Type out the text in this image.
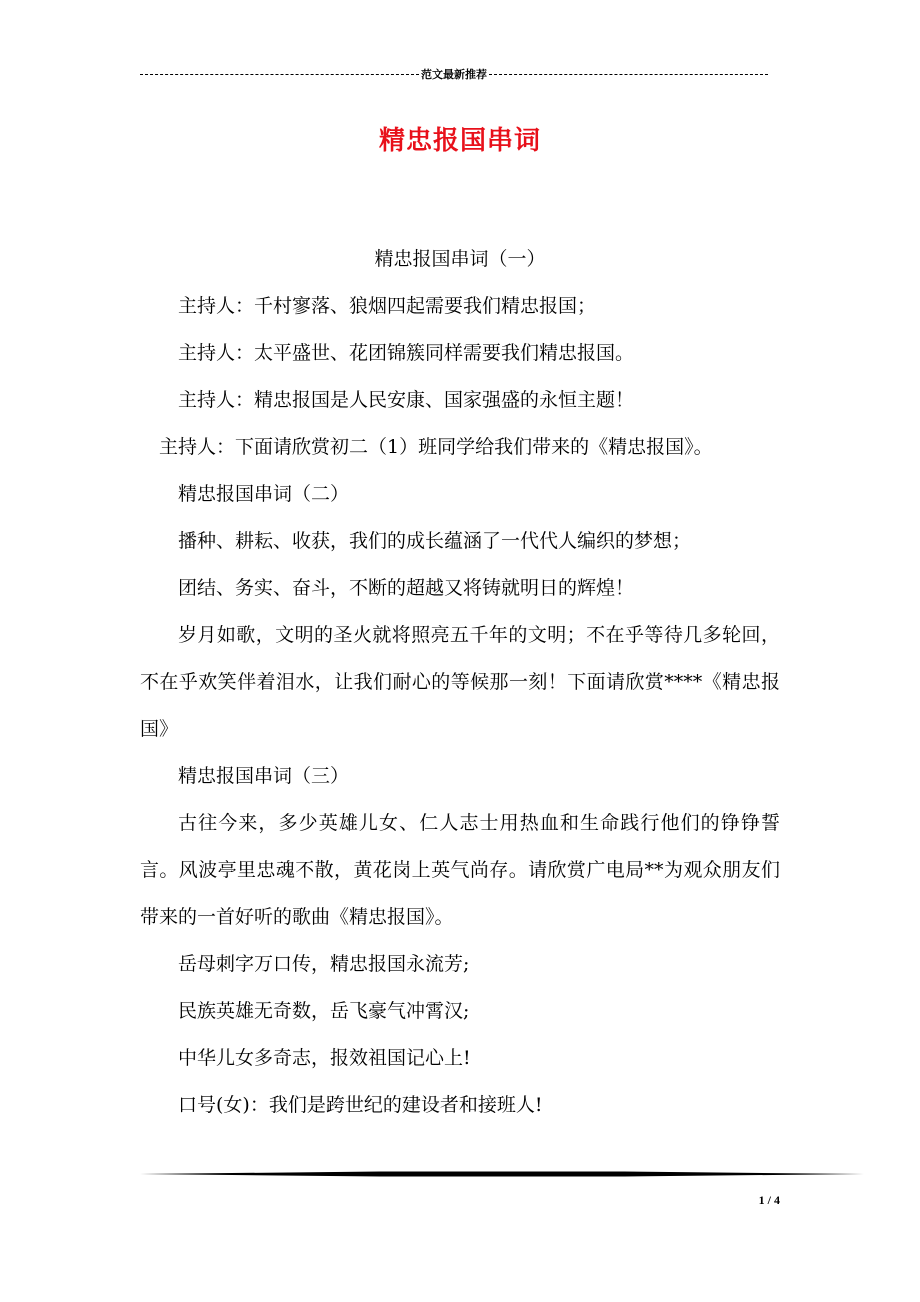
范文最新推荐
精忠报国串词

精忠报国串词（一）

主持人：千村寥落、狼烟四起需要我们精忠报国；

主持人：太平盛世、花团锦簇同样需要我们精忠报国。

主持人：精忠报国是人民安康、国家强盛的永恒主题！

主持人：下面请欣赏初二（1）班同学给我们带来的《精忠报国》。

精忠报国串词（二）

播种、耕耘、收获，我们的成长蕴涵了一代代人编织的梦想；

团结、务实、奋斗，不断的超越又将铸就明日的辉煌！

岁月如歌，文明的圣火就将照亮五千年的文明；不在乎等待几多轮回，不在乎欢笑伴着泪水，让我们耐心的等候那一刻！下面请欣赏****《精忠报国》

精忠报国串词（三）

古往今来，多少英雄儿女、仁人志士用热血和生命践行他们的铮铮誓言。风波亭里忠魂不散，黄花岗上英气尚存。请欣赏广电局**为观众朋友们带来的一首好听的歌曲《精忠报国》。

岳母刺字万口传，精忠报国永流芳;

民族英雄无奇数，岳飞豪气冲霄汉;

中华儿女多奇志，报效祖国记心上!

口号(女)：我们是跨世纪的建设者和接班人!

1 / 4
